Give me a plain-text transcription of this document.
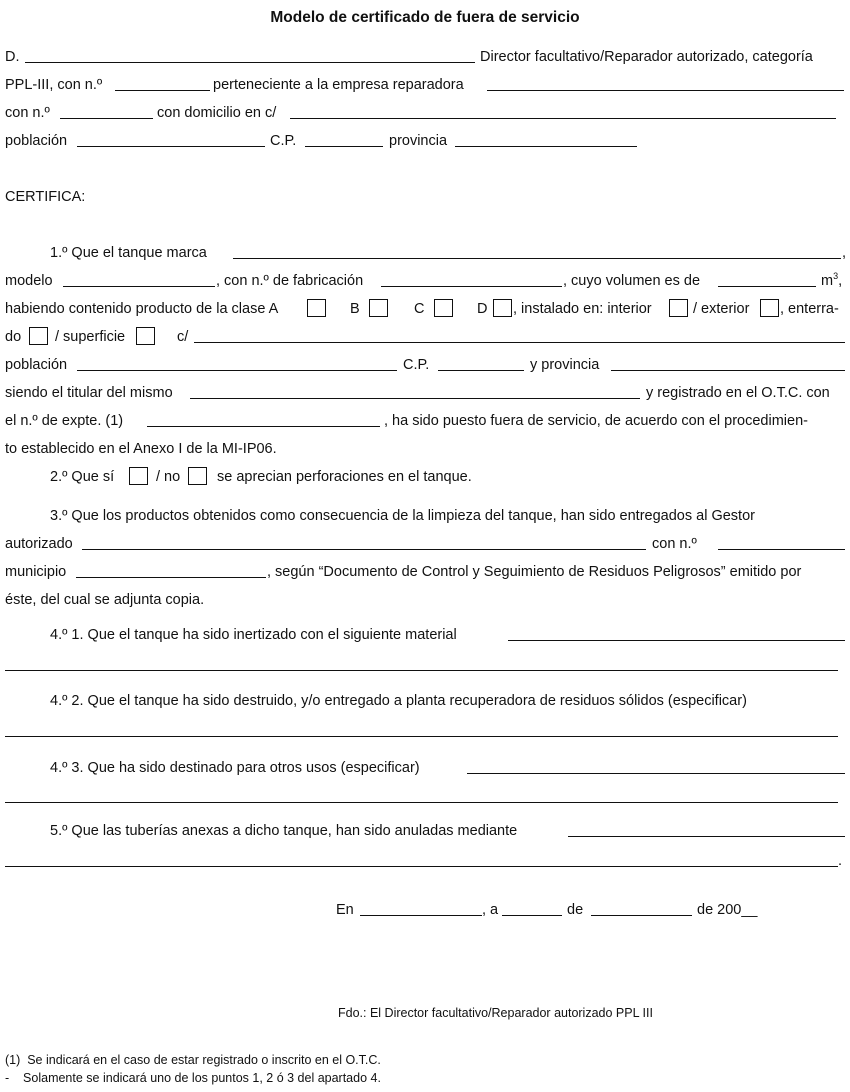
Modelo de certificado de fuera de servicio
D.	Director facultativo/Reparador autorizado, categoría
PPL-III, con n.º	perteneciente a la empresa reparadora
con n.º	con domicilio en c/
población	C.P.	provincia
CERTIFICA:
1.º Que el tanque marca	,
modelo	, con n.º de fabricación	, cuyo volumen es de	$m^3$,
habiendo contenido producto de la clase A	B	C	D , instalado en: interior	/ exterior , enterra-
do / superficie	c/
población	C.P.	y provincia
siendo el titular del mismo	y registrado en el O.T.C. con
el n.º de expte. (1)	, ha sido puesto fuera de servicio, de acuerdo con el procedimien-
to establecido en el Anexo I de la MI-IP06.
2.º Que sí	/ no	se aprecian perforaciones en el tanque.
3.º Que los productos obtenidos como consecuencia de la limpieza del tanque, han sido entregados al Gestor
autorizado	con n.º
municipio	, según “Documento de Control y Seguimiento de Residuos Peligrosos” emitido por
éste, del cual se adjunta copia.
4.º 1. Que el tanque ha sido inertizado con el siguiente material
4.º 2. Que el tanque ha sido destruido, y/o entregado a planta recuperadora de residuos sólidos (especificar)
4.º 3. Que ha sido destinado para otros usos (especificar)
5.º Que las tuberías anexas a dicho tanque, han sido anuladas mediante
.
En	, a	de	de 200__
Fdo.: El Director facultativo/Reparador autorizado PPL III
(1)  Se indicará en el caso de estar registrado o inscrito en el O.T.C.
-    Solamente se indicará uno de los puntos 1, 2 ó 3 del apartado 4.
